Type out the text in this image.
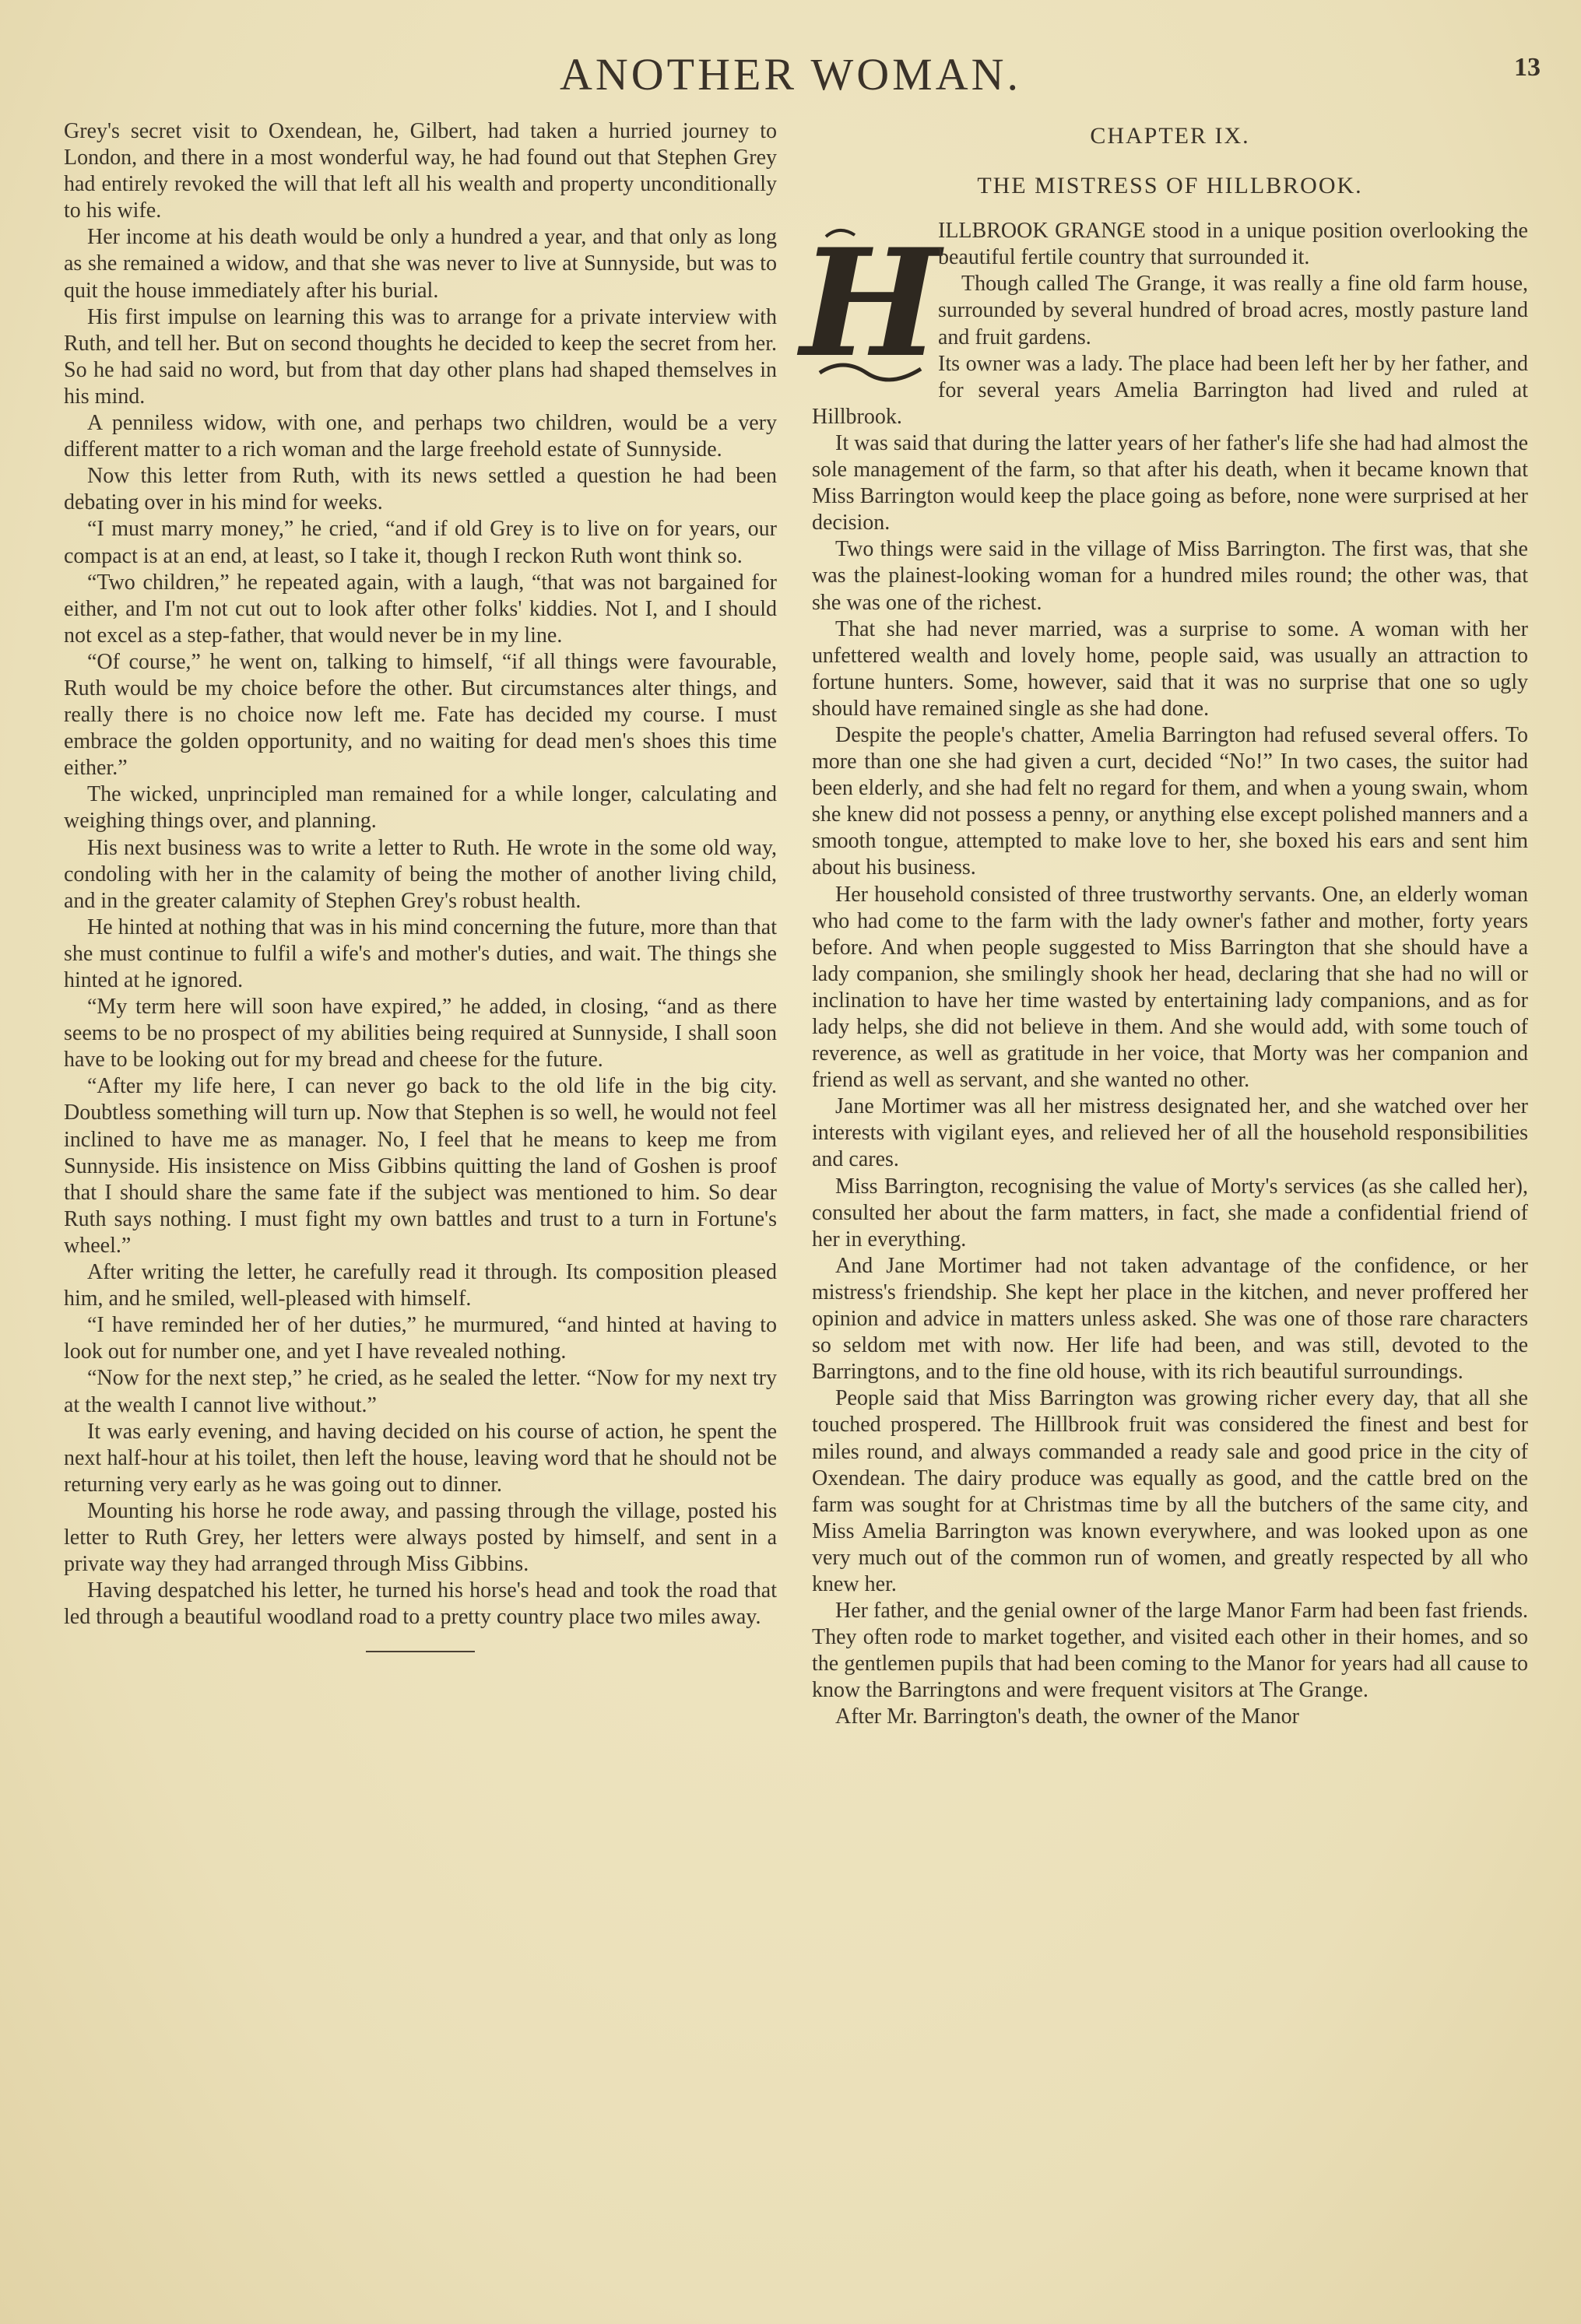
ANOTHER WOMAN.	13

Grey's secret visit to Oxendean, he, Gilbert, had taken a hurried journey to London, and there in a most wonderful way, he had found out that Stephen Grey had entirely revoked the will that left all his wealth and property unconditionally to his wife.

Her income at his death would be only a hundred a year, and that only as long as she remained a widow, and that she was never to live at Sunnyside, but was to quit the house immediately after his burial.

His first impulse on learning this was to arrange for a private interview with Ruth, and tell her. But on second thoughts he decided to keep the secret from her. So he had said no word, but from that day other plans had shaped themselves in his mind.

A penniless widow, with one, and perhaps two children, would be a very different matter to a rich woman and the large freehold estate of Sunnyside.

Now this letter from Ruth, with its news settled a question he had been debating over in his mind for weeks.

“I must marry money,” he cried, “and if old Grey is to live on for years, our compact is at an end, at least, so I take it, though I reckon Ruth wont think so.

“Two children,” he repeated again, with a laugh, “that was not bargained for either, and I'm not cut out to look after other folks' kiddies. Not I, and I should not excel as a step-father, that would never be in my line.

“Of course,” he went on, talking to himself, “if all things were favourable, Ruth would be my choice before the other. But circumstances alter things, and really there is no choice now left me. Fate has decided my course. I must embrace the golden opportunity, and no waiting for dead men's shoes this time either.”

The wicked, unprincipled man remained for a while longer, calculating and weighing things over, and planning.

His next business was to write a letter to Ruth. He wrote in the some old way, condoling with her in the calamity of being the mother of another living child, and in the greater calamity of Stephen Grey's robust health.

He hinted at nothing that was in his mind concerning the future, more than that she must continue to fulfil a wife's and mother's duties, and wait. The things she hinted at he ignored.

“My term here will soon have expired,” he added, in closing, “and as there seems to be no prospect of my abilities being required at Sunnyside, I shall soon have to be looking out for my bread and cheese for the future.

“After my life here, I can never go back to the old life in the big city. Doubtless something will turn up. Now that Stephen is so well, he would not feel inclined to have me as manager. No, I feel that he means to keep me from Sunnyside. His insistence on Miss Gibbins quitting the land of Goshen is proof that I should share the same fate if the subject was mentioned to him. So dear Ruth says nothing. I must fight my own battles and trust to a turn in Fortune's wheel.”

After writing the letter, he carefully read it through. Its composition pleased him, and he smiled, well-pleased with himself.

“I have reminded her of her duties,” he murmured, “and hinted at having to look out for number one, and yet I have revealed nothing.

“Now for the next step,” he cried, as he sealed the letter. “Now for my next try at the wealth I cannot live without.”

It was early evening, and having decided on his course of action, he spent the next half-hour at his toilet, then left the house, leaving word that he should not be returning very early as he was going out to dinner.

Mounting his horse he rode away, and passing through the village, posted his letter to Ruth Grey, her letters were always posted by himself, and sent in a private way they had arranged through Miss Gibbins.

Having despatched his letter, he turned his horse's head and took the road that led through a beautiful woodland road to a pretty country place two miles away.

CHAPTER IX.
THE MISTRESS OF HILLBROOK.
H

ILLBROOK GRANGE stood in a unique position overlooking the beautiful fertile country that surrounded it.

Though called The Grange, it was really a fine old farm house, surrounded by several hundred of broad acres, mostly pasture land and fruit gardens.

Its owner was a lady. The place had been left her by her father, and for several years Amelia Barrington had lived and ruled at Hillbrook.

It was said that during the latter years of her father's life she had had almost the sole management of the farm, so that after his death, when it became known that Miss Barrington would keep the place going as before, none were surprised at her decision.

Two things were said in the village of Miss Barrington. The first was, that she was the plainest-looking woman for a hundred miles round; the other was, that she was one of the richest.

That she had never married, was a surprise to some. A woman with her unfettered wealth and lovely home, people said, was usually an attraction to fortune hunters. Some, however, said that it was no surprise that one so ugly should have remained single as she had done.

Despite the people's chatter, Amelia Barrington had refused several offers. To more than one she had given a curt, decided “No!” In two cases, the suitor had been elderly, and she had felt no regard for them, and when a young swain, whom she knew did not possess a penny, or anything else except polished manners and a smooth tongue, attempted to make love to her, she boxed his ears and sent him about his business.

Her household consisted of three trustworthy servants. One, an elderly woman who had come to the farm with the lady owner's father and mother, forty years before. And when people suggested to Miss Barrington that she should have a lady companion, she smilingly shook her head, declaring that she had no will or inclination to have her time wasted by entertaining lady companions, and as for lady helps, she did not believe in them. And she would add, with some touch of reverence, as well as gratitude in her voice, that Morty was her companion and friend as well as servant, and she wanted no other.

Jane Mortimer was all her mistress designated her, and she watched over her interests with vigilant eyes, and relieved her of all the household responsibilities and cares.

Miss Barrington, recognising the value of Morty's services (as she called her), consulted her about the farm matters, in fact, she made a confidential friend of her in everything.

And Jane Mortimer had not taken advantage of the confidence, or her mistress's friendship. She kept her place in the kitchen, and never proffered her opinion and advice in matters unless asked. She was one of those rare characters so seldom met with now. Her life had been, and was still, devoted to the Barringtons, and to the fine old house, with its rich beautiful surroundings.

People said that Miss Barrington was growing richer every day, that all she touched prospered. The Hillbrook fruit was considered the finest and best for miles round, and always commanded a ready sale and good price in the city of Oxendean. The dairy produce was equally as good, and the cattle bred on the farm was sought for at Christmas time by all the butchers of the same city, and Miss Amelia Barrington was known everywhere, and was looked upon as one very much out of the common run of women, and greatly respected by all who knew her.

Her father, and the genial owner of the large Manor Farm had been fast friends. They often rode to market together, and visited each other in their homes, and so the gentlemen pupils that had been coming to the Manor for years had all cause to know the Barringtons and were frequent visitors at The Grange.

After Mr. Barrington's death, the owner of the Manor
